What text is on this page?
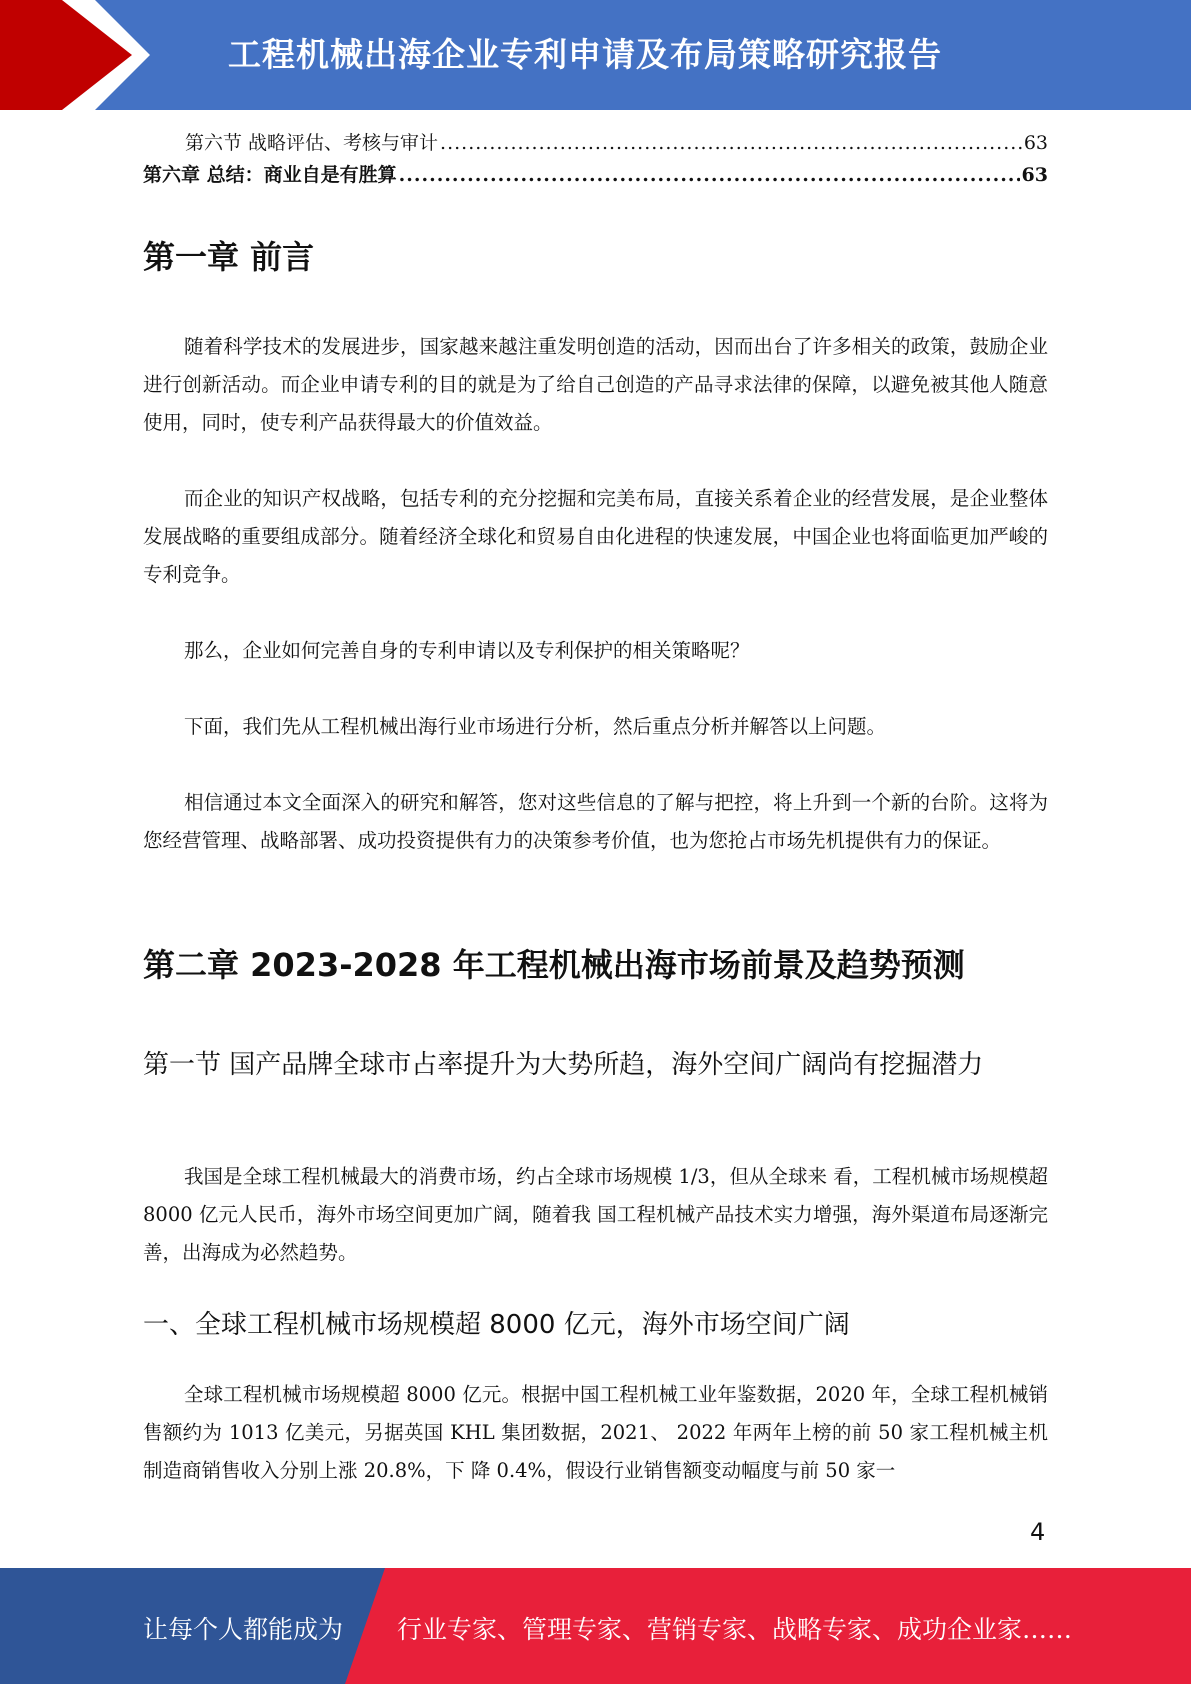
工程机械出海企业专利申请及布局策略研究报告
第六节 战略评估、考核与审计 .....	63
第六章 总结：商业自是有胜算 .....	63
第一章 前言

随着科学技术的发展进步，国家越来越注重发明创造的活动，因而出台了许多相关的政策，鼓励企业进行创新活动。而企业申请专利的目的就是为了给自己创造的产品寻求法律的保障，以避免被其他人随意使用，同时，使专利产品获得最大的价值效益。

而企业的知识产权战略，包括专利的充分挖掘和完美布局，直接关系着企业的经营发展，是企业整体发展战略的重要组成部分。随着经济全球化和贸易自由化进程的快速发展，中国企业也将面临更加严峻的专利竞争。

那么，企业如何完善自身的专利申请以及专利保护的相关策略呢？

下面，我们先从工程机械出海行业市场进行分析，然后重点分析并解答以上问题。

相信通过本文全面深入的研究和解答，您对这些信息的了解与把控，将上升到一个新的台阶。这将为您经营管理、战略部署、成功投资提供有力的决策参考价值，也为您抢占市场先机提供有力的保证。

第二章 2023-2028 年工程机械出海市场前景及趋势预测
第一节 国产品牌全球市占率提升为大势所趋，海外空间广阔尚有挖掘潜力

我国是全球工程机械最大的消费市场，约占全球市场规模 1/3，但从全球来 看，工程机械市场规模超 8000 亿元人民币，海外市场空间更加广阔，随着我 国工程机械产品技术实力增强，海外渠道布局逐渐完善，出海成为必然趋势。

一、全球工程机械市场规模超 8000 亿元，海外市场空间广阔

全球工程机械市场规模超 8000 亿元。根据中国工程机械工业年鉴数据，2020 年，全球工程机械销售额约为 1013 亿美元，另据英国 KHL 集团数据，2021、 2022 年两年上榜的前 50 家工程机械主机制造商销售收入分别上涨 20.8%，下 降 0.4%，假设行业销售额变动幅度与前 50 家一

4
让每个人都能成为 行业专家、管理专家、营销专家、战略专家、成功企业家……
